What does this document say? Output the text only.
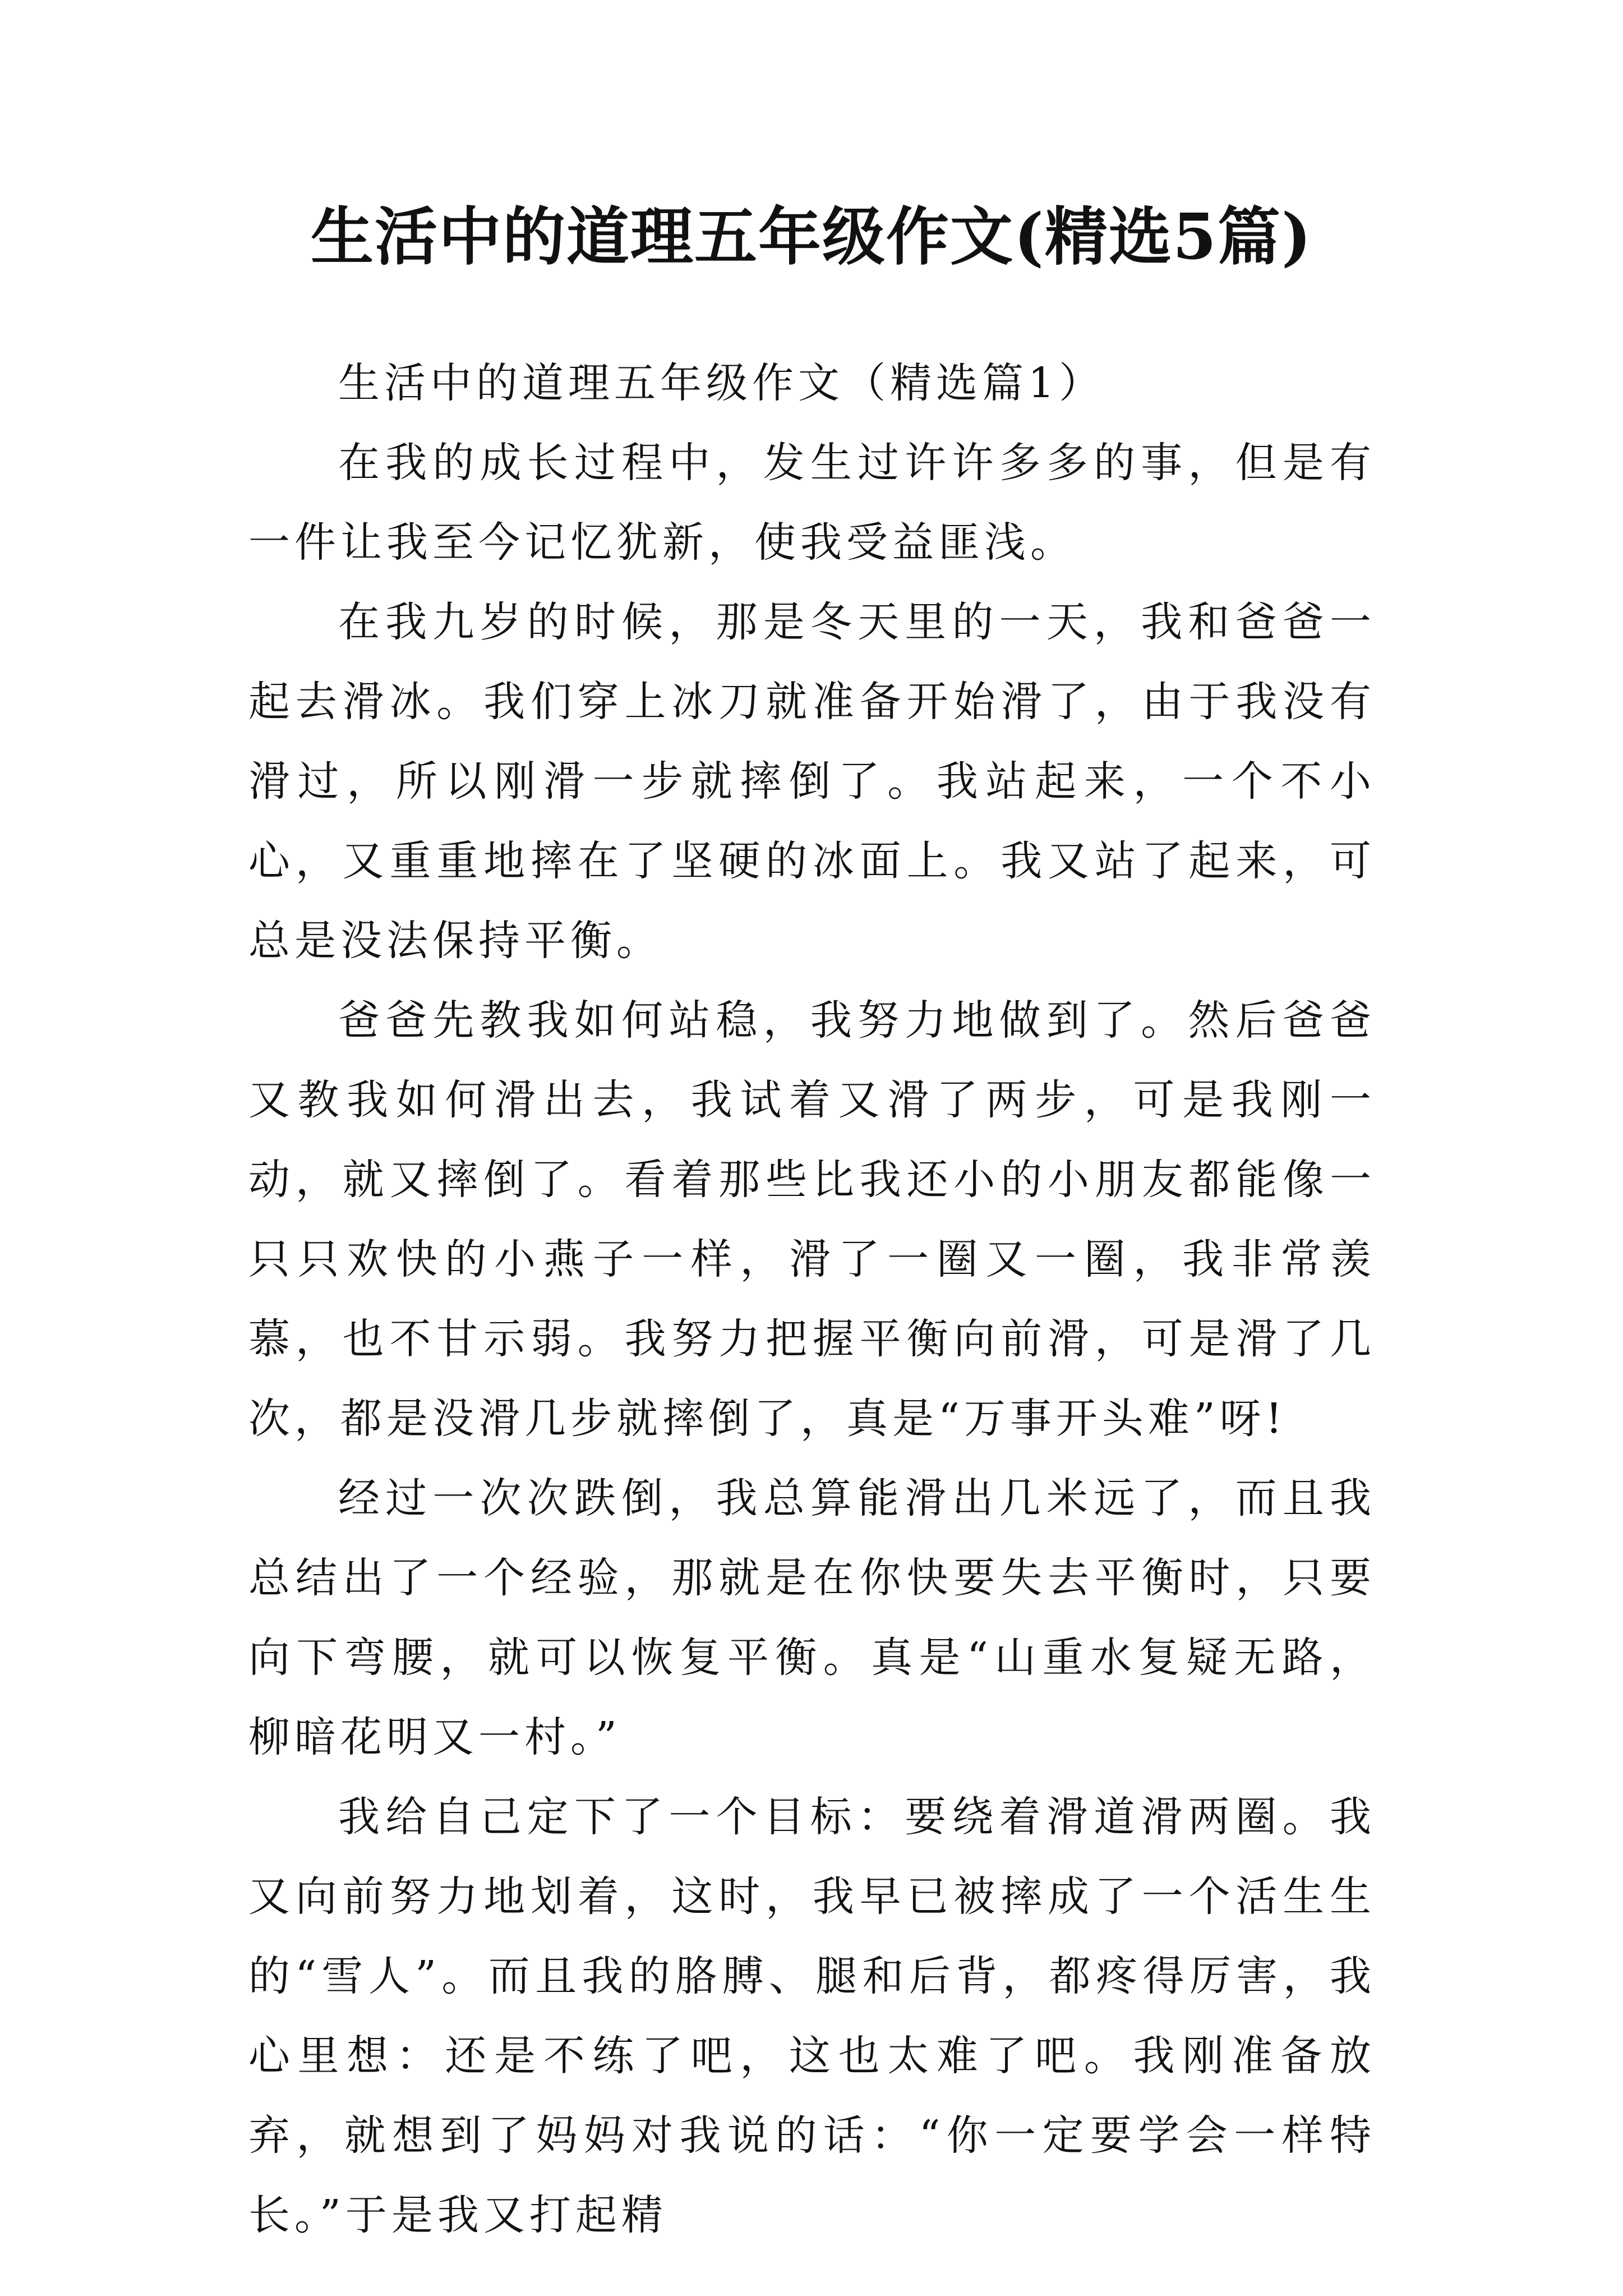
生活中的道理五年级作文(精选5篇)

生活中的道理五年级作文（精选篇1）

在我的成长过程中，发生过许许多多的事，但是有一件让我至今记忆犹新，使我受益匪浅。

在我九岁的时候，那是冬天里的一天，我和爸爸一起去滑冰。我们穿上冰刀就准备开始滑了，由于我没有滑过，所以刚滑一步就摔倒了。我站起来，一个不小心，又重重地摔在了坚硬的冰面上。我又站了起来，可总是没法保持平衡。

爸爸先教我如何站稳，我努力地做到了。然后爸爸又教我如何滑出去，我试着又滑了两步，可是我刚一动，就又摔倒了。看着那些比我还小的小朋友都能像一只只欢快的小燕子一样，滑了一圈又一圈，我非常羡慕，也不甘示弱。我努力把握平衡向前滑，可是滑了几次，都是没滑几步就摔倒了，真是“万事开头难”呀!

经过一次次跌倒，我总算能滑出几米远了，而且我总结出了一个经验，那就是在你快要失去平衡时，只要向下弯腰，就可以恢复平衡。真是“山重水复疑无路，柳暗花明又一村。”

我给自己定下了一个目标：要绕着滑道滑两圈。我又向前努力地划着，这时，我早已被摔成了一个活生生的“雪人”。而且我的胳膊、腿和后背，都疼得厉害，我心里想：还是不练了吧，这也太难了吧。我刚准备放弃，就想到了妈妈对我说的话：“你一定要学会一样特长。”于是我又打起精
